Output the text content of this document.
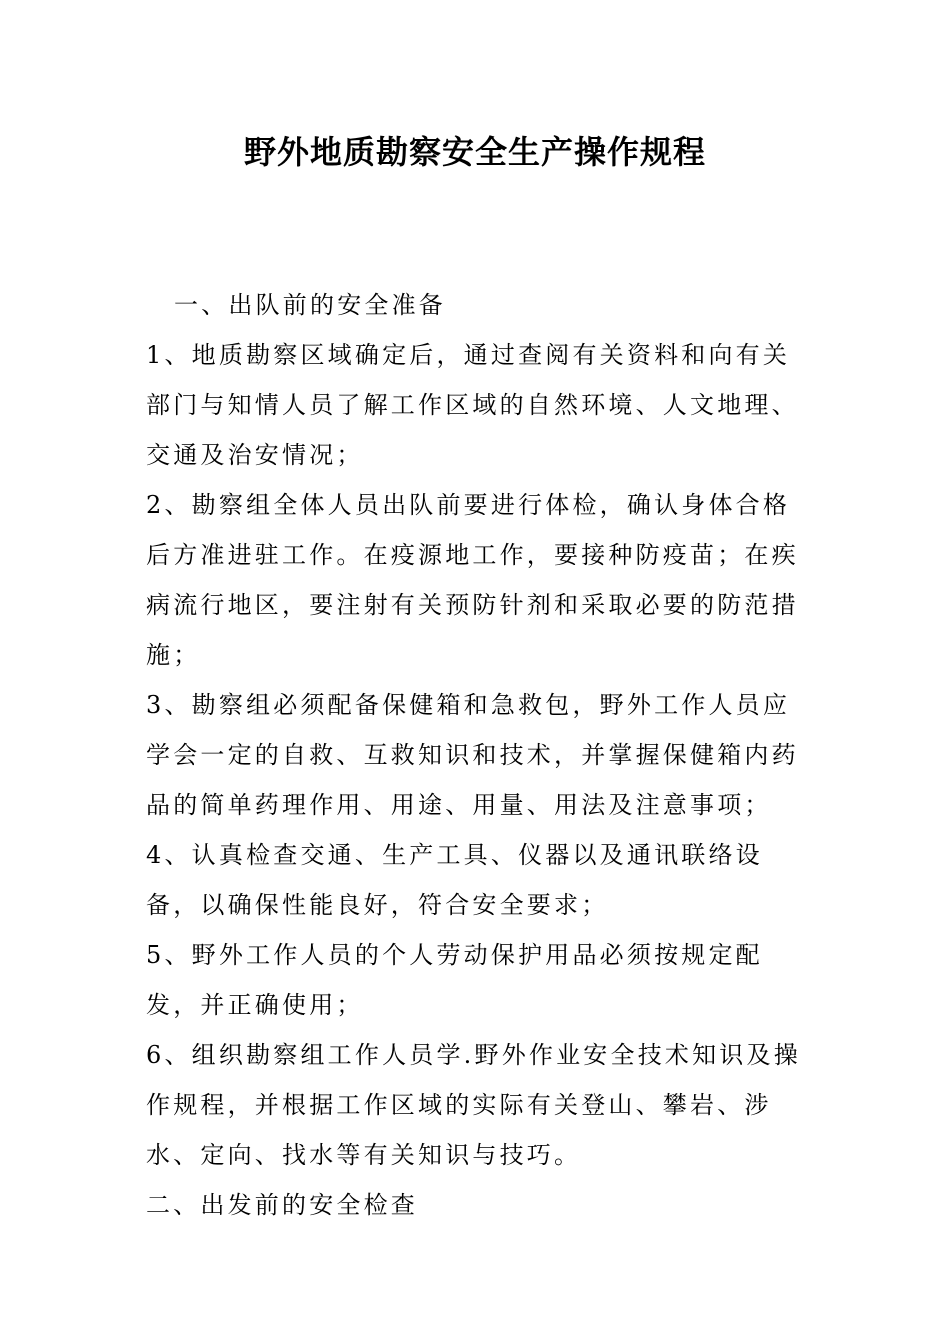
野外地质勘察安全生产操作规程

一、出队前的安全准备

1、地质勘察区域确定后，通过查阅有关资料和向有关部门与知情人员了解工作区域的自然环境、人文地理、交通及治安情况；

2、勘察组全体人员出队前要进行体检，确认身体合格后方准进驻工作。在疫源地工作，要接种防疫苗；在疾病流行地区，要注射有关预防针剂和采取必要的防范措施；

3、勘察组必须配备保健箱和急救包，野外工作人员应学会一定的自救、互救知识和技术，并掌握保健箱内药品的简单药理作用、用途、用量、用法及注意事项；

4、认真检查交通、生产工具、仪器以及通讯联络设备，以确保性能良好，符合安全要求；

5、野外工作人员的个人劳动保护用品必须按规定配发，并正确使用；

6、组织勘察组工作人员学.野外作业安全技术知识及操作规程，并根据工作区域的实际有关登山、攀岩、涉水、定向、找水等有关知识与技巧。

二、出发前的安全检查
